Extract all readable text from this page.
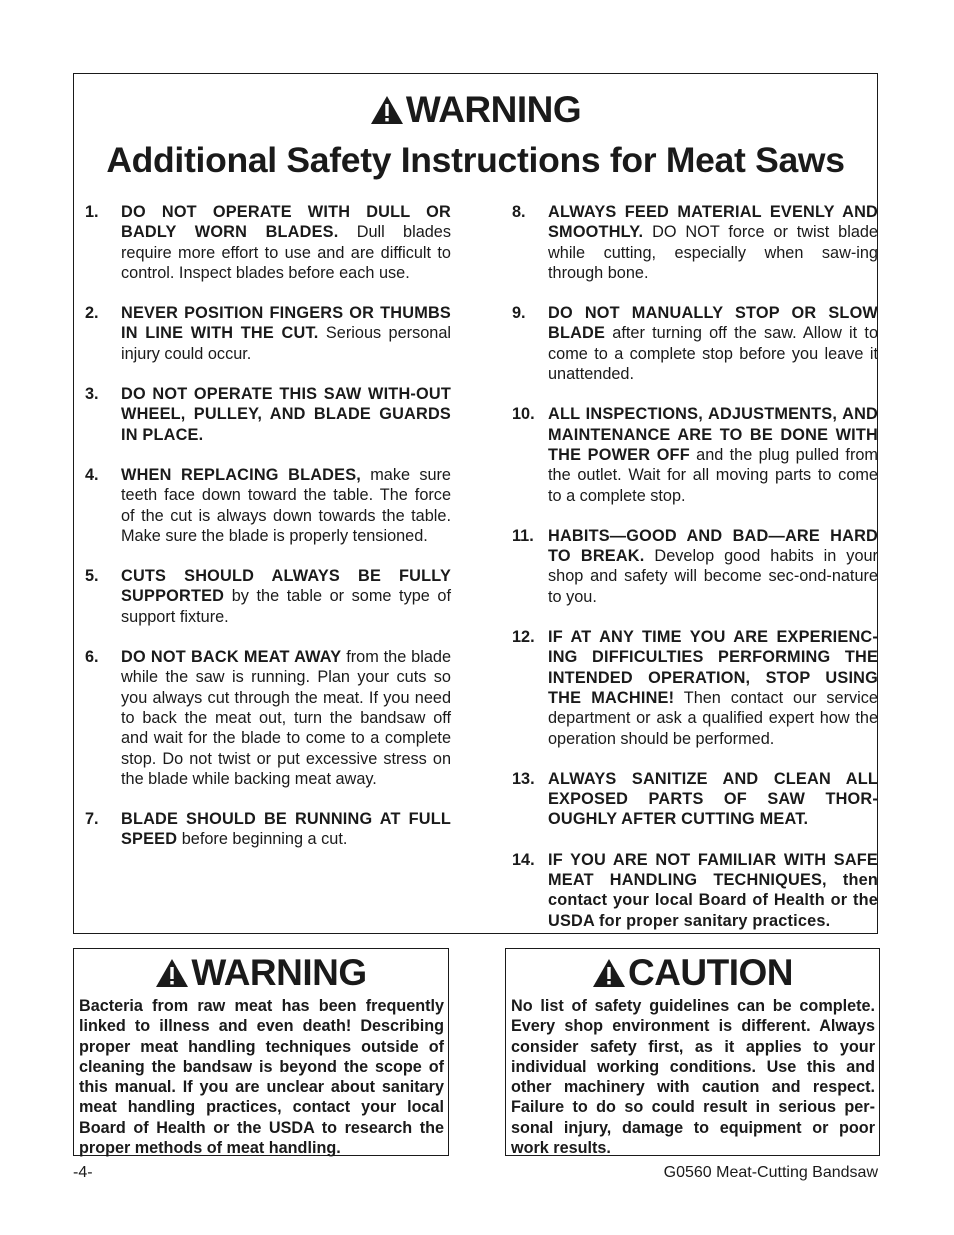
WARNING
Additional Safety Instructions for Meat Saws
1. DO NOT OPERATE WITH DULL OR BADLY WORN BLADES. Dull blades require more effort to use and are difficult to control. Inspect blades before each use.
2. NEVER POSITION FINGERS OR THUMBS IN LINE WITH THE CUT. Serious personal injury could occur.
3. DO NOT OPERATE THIS SAW WITH-OUT WHEEL, PULLEY, AND BLADE GUARDS IN PLACE.
4. WHEN REPLACING BLADES, make sure teeth face down toward the table. The force of the cut is always down towards the table. Make sure the blade is properly tensioned.
5. CUTS SHOULD ALWAYS BE FULLY SUPPORTED by the table or some type of support fixture.
6. DO NOT BACK MEAT AWAY from the blade while the saw is running. Plan your cuts so you always cut through the meat. If you need to back the meat out, turn the bandsaw off and wait for the blade to come to a complete stop. Do not twist or put excessive stress on the blade while backing meat away.
7. BLADE SHOULD BE RUNNING AT FULL SPEED before beginning a cut.
8. ALWAYS FEED MATERIAL EVENLY AND SMOOTHLY. DO NOT force or twist blade while cutting, especially when saw-ing through bone.
9. DO NOT MANUALLY STOP OR SLOW BLADE after turning off the saw. Allow it to come to a complete stop before you leave it unattended.
10. ALL INSPECTIONS, ADJUSTMENTS, AND MAINTENANCE ARE TO BE DONE WITH THE POWER OFF and the plug pulled from the outlet. Wait for all moving parts to come to a complete stop.
11. HABITS—GOOD AND BAD—ARE HARD TO BREAK. Develop good habits in your shop and safety will become sec-ond-nature to you.
12. IF AT ANY TIME YOU ARE EXPERIENC-ING DIFFICULTIES PERFORMING THE INTENDED OPERATION, STOP USING THE MACHINE! Then contact our service department or ask a qualified expert how the operation should be performed.
13. ALWAYS SANITIZE AND CLEAN ALL EXPOSED PARTS OF SAW THOR-OUGHLY AFTER CUTTING MEAT.
14. IF YOU ARE NOT FAMILIAR WITH SAFE MEAT HANDLING TECHNIQUES, then contact your local Board of Health or the USDA for proper sanitary practices.
WARNING
Bacteria from raw meat has been frequently linked to illness and even death! Describing proper meat handling techniques outside of cleaning the bandsaw is beyond the scope of this manual. If you are unclear about sanitary meat handling practices, contact your local Board of Health or the USDA to research the proper methods of meat handling.
CAUTION
No list of safety guidelines can be complete. Every shop environment is different. Always consider safety first, as it applies to your individual working conditions. Use this and other machinery with caution and respect. Failure to do so could result in serious per-sonal injury, damage to equipment or poor work results.
-4-	G0560 Meat-Cutting Bandsaw
